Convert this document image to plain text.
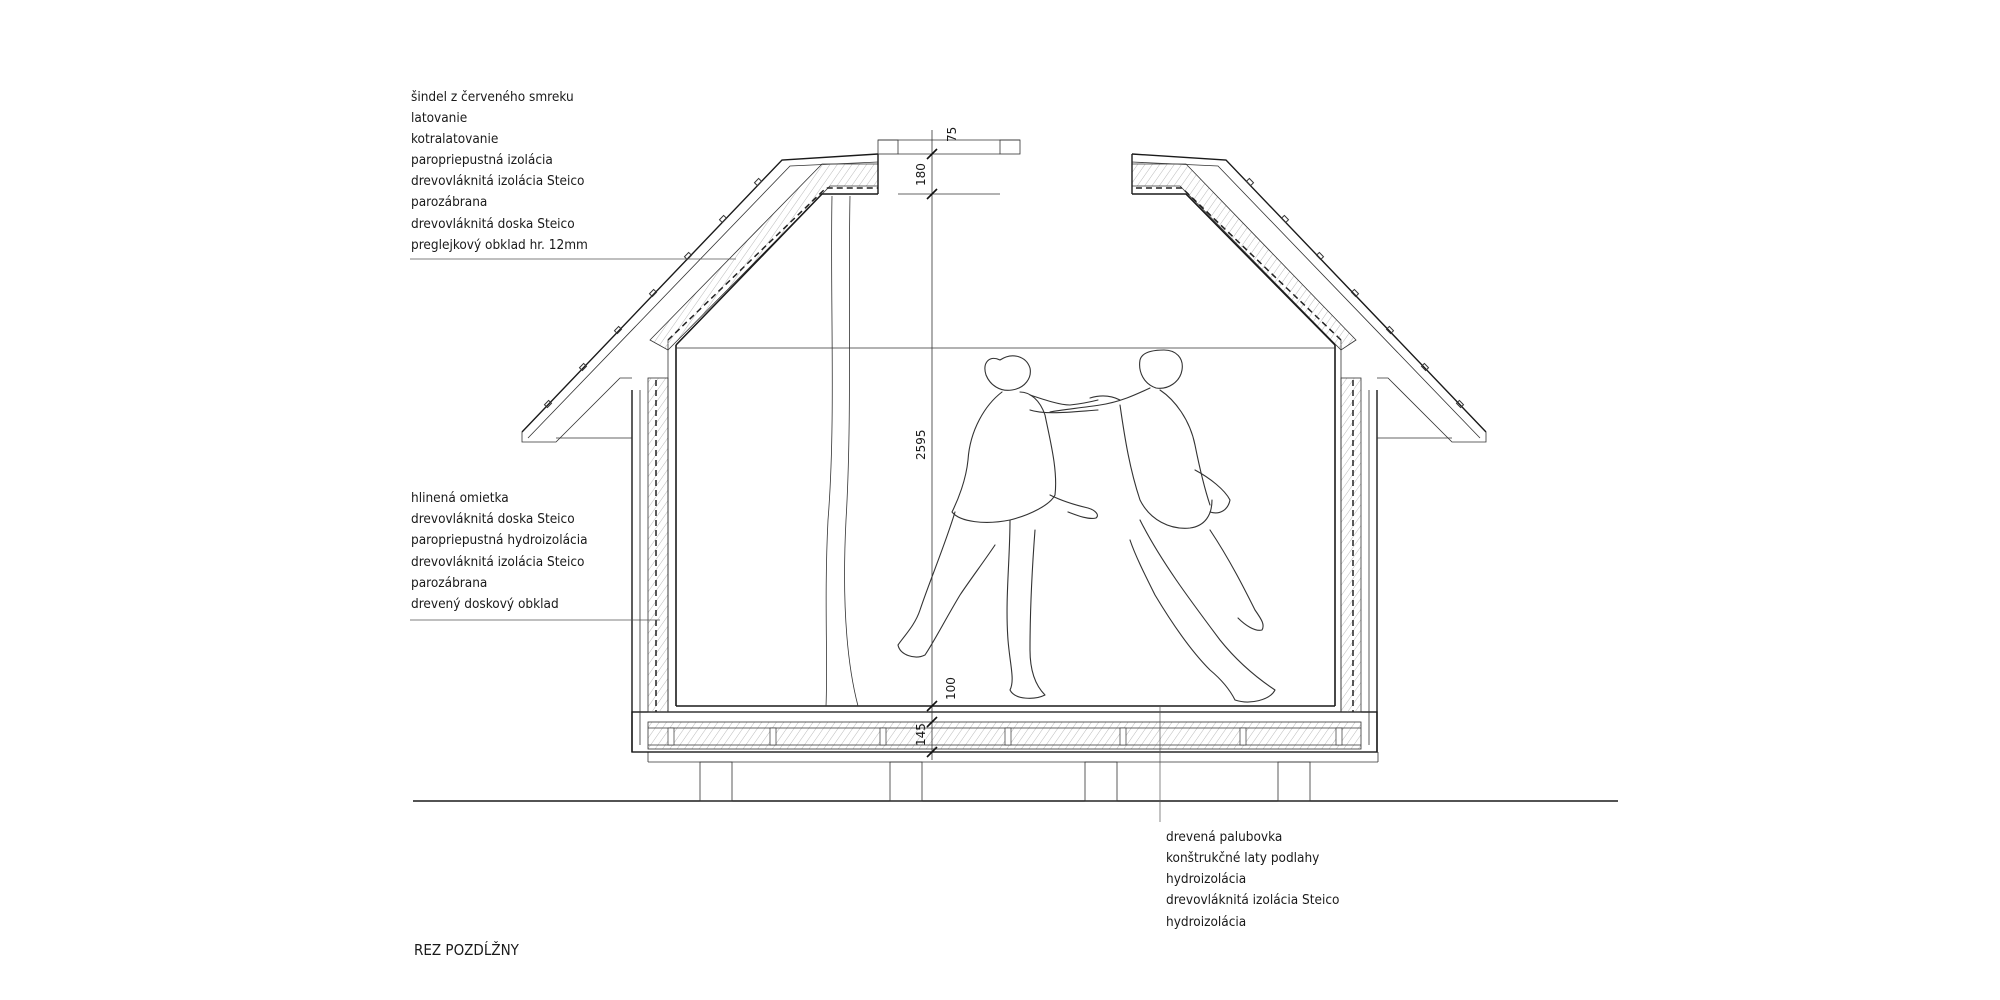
75
180
2595
100
145
šindel z červeného smreku
latovanie
kotralatovanie
paropriepustná izolácia
drevovláknitá izolácia Steico
parozábrana
drevovláknitá doska Steico
preglejkový obklad hr. 12mm
hlinená omietka
drevovláknitá doska Steico
paropriepustná hydroizolácia
drevovláknitá izolácia Steico
parozábrana
drevený doskový obklad
drevená palubovka
konštrukčné laty podlahy
hydroizolácia
drevovláknitá izolácia Steico
hydroizolácia
REZ POZDĹŽNY
